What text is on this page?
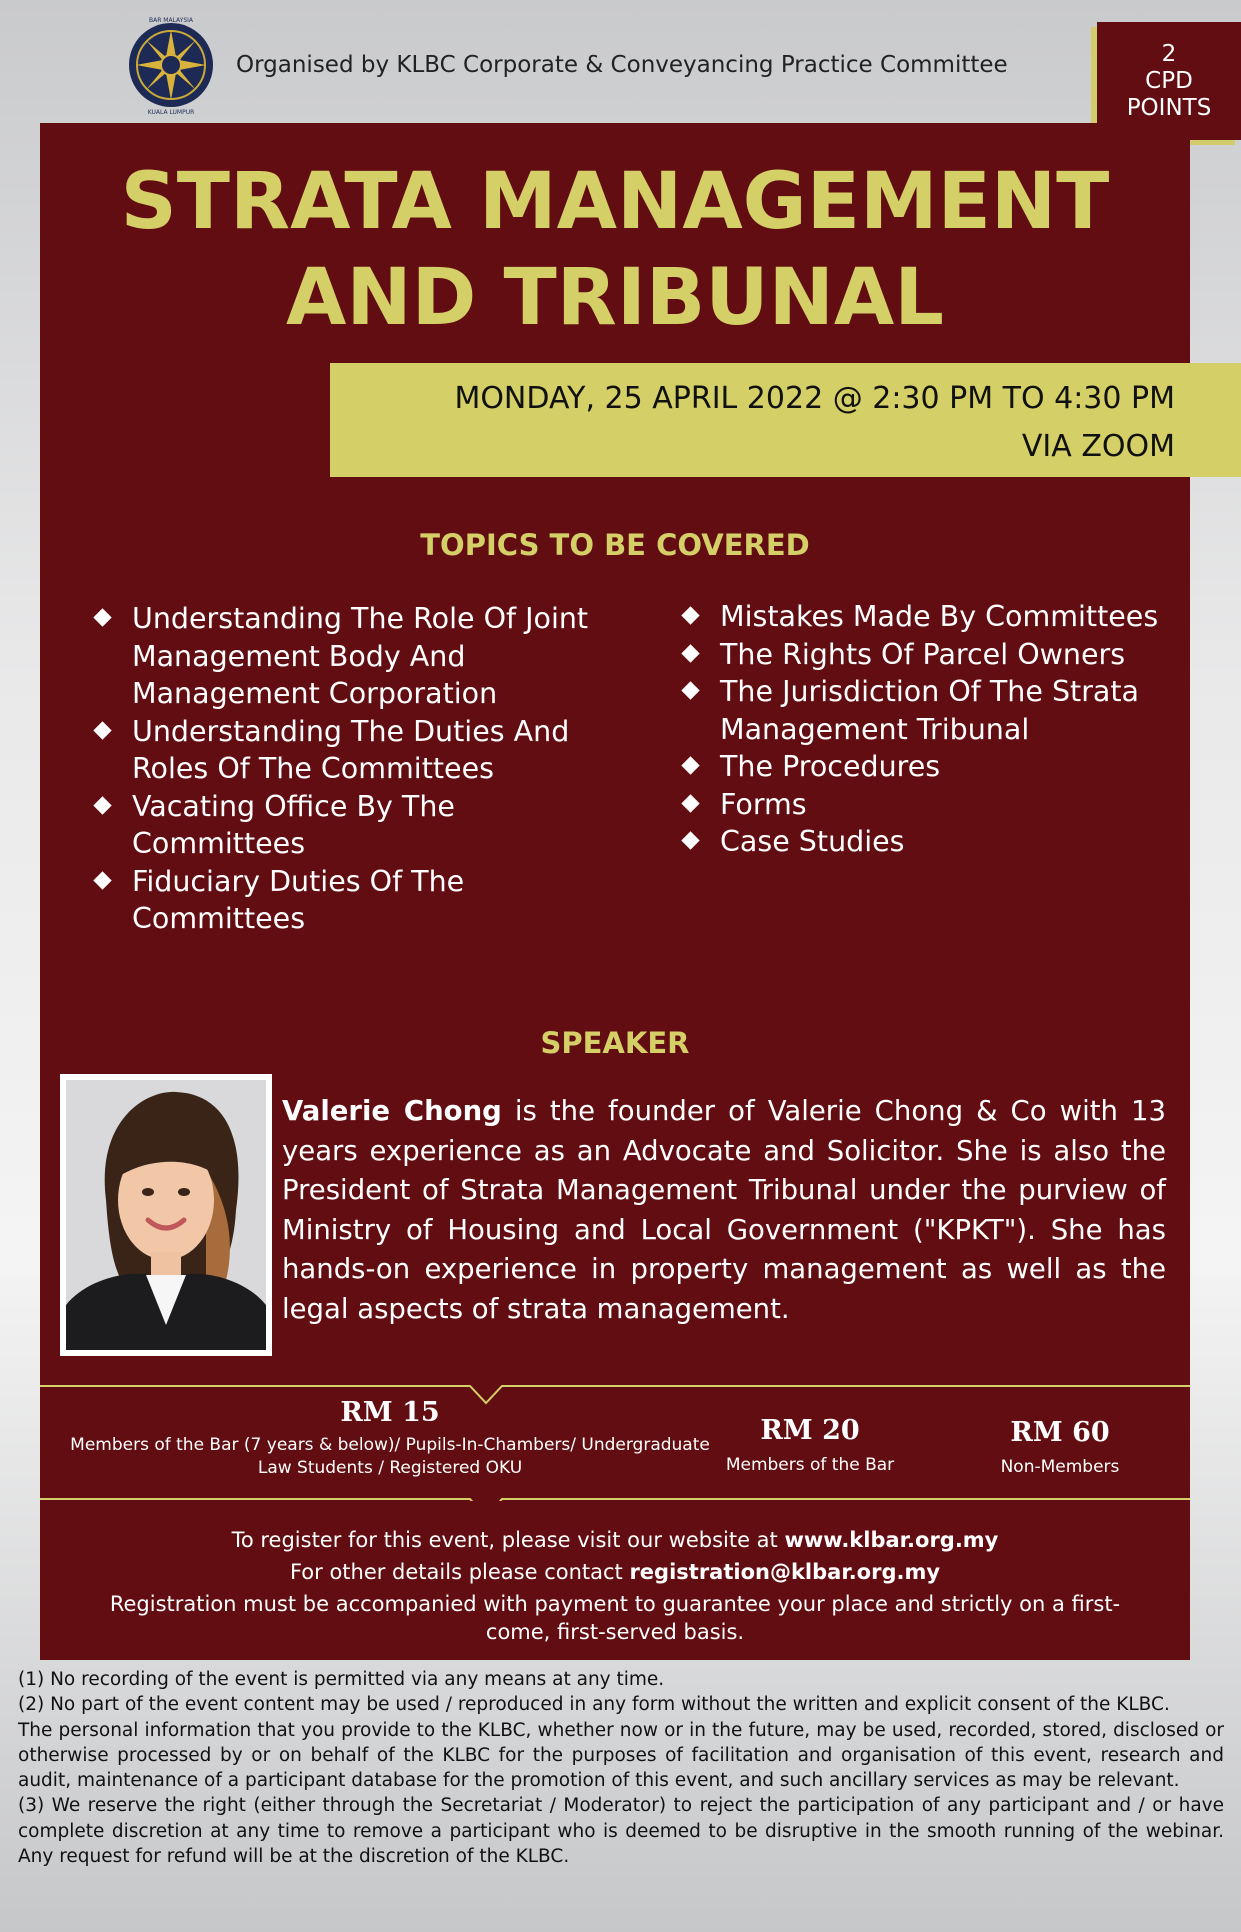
BAR MALAYSIA
KUALA LUMPUR
Organised by KLBC Corporate & Conveyancing Practice Committee	2
CPD
POINTS
STRATA MANAGEMENT
AND TRIBUNAL
MONDAY, 25 APRIL 2022 @ 2:30 PM TO 4:30 PM
VIA ZOOM
TOPICS TO BE COVERED
Understanding The Role Of Joint Management Body And Management Corporation
Understanding The Duties And Roles Of The Committees
Vacating Office By The Committees
Fiduciary Duties Of The Committees
Mistakes Made By Committees
The Rights Of Parcel Owners
The Jurisdiction Of The Strata Management Tribunal
The Procedures
Forms
Case Studies
SPEAKER
Valerie Chong is the founder of Valerie Chong & Co with 13 years experience as an Advocate and Solicitor. She is also the President of Strata Management Tribunal under the purview of Ministry of Housing and Local Government ("KPKT"). She has hands-on experience in property management as well as the legal aspects of strata management.
RM 15
Members of the Bar (7 years & below)/ Pupils-In-Chambers/ Undergraduate Law Students / Registered OKU
RM 20
Members of the Bar
RM 60
Non-Members
To register for this event, please visit our website at www.klbar.org.my
For other details please contact registration@klbar.org.my
Registration must be accompanied with payment to guarantee your place and strictly on a first-come, first-served basis.

(1) No recording of the event is permitted via any means at any time.

(2) No part of the event content may be used / reproduced in any form without the written and explicit consent of the KLBC.

The personal information that you provide to the KLBC, whether now or in the future, may be used, recorded, stored, disclosed or otherwise processed by or on behalf of the KLBC for the purposes of facilitation and organisation of this event, research and audit, maintenance of a participant database for the promotion of this event, and such ancillary services as may be relevant.

(3) We reserve the right (either through the Secretariat / Moderator) to reject the participation of any participant and / or have complete discretion at any time to remove a participant who is deemed to be disruptive in the smooth running of the webinar. Any request for refund will be at the discretion of the KLBC.
